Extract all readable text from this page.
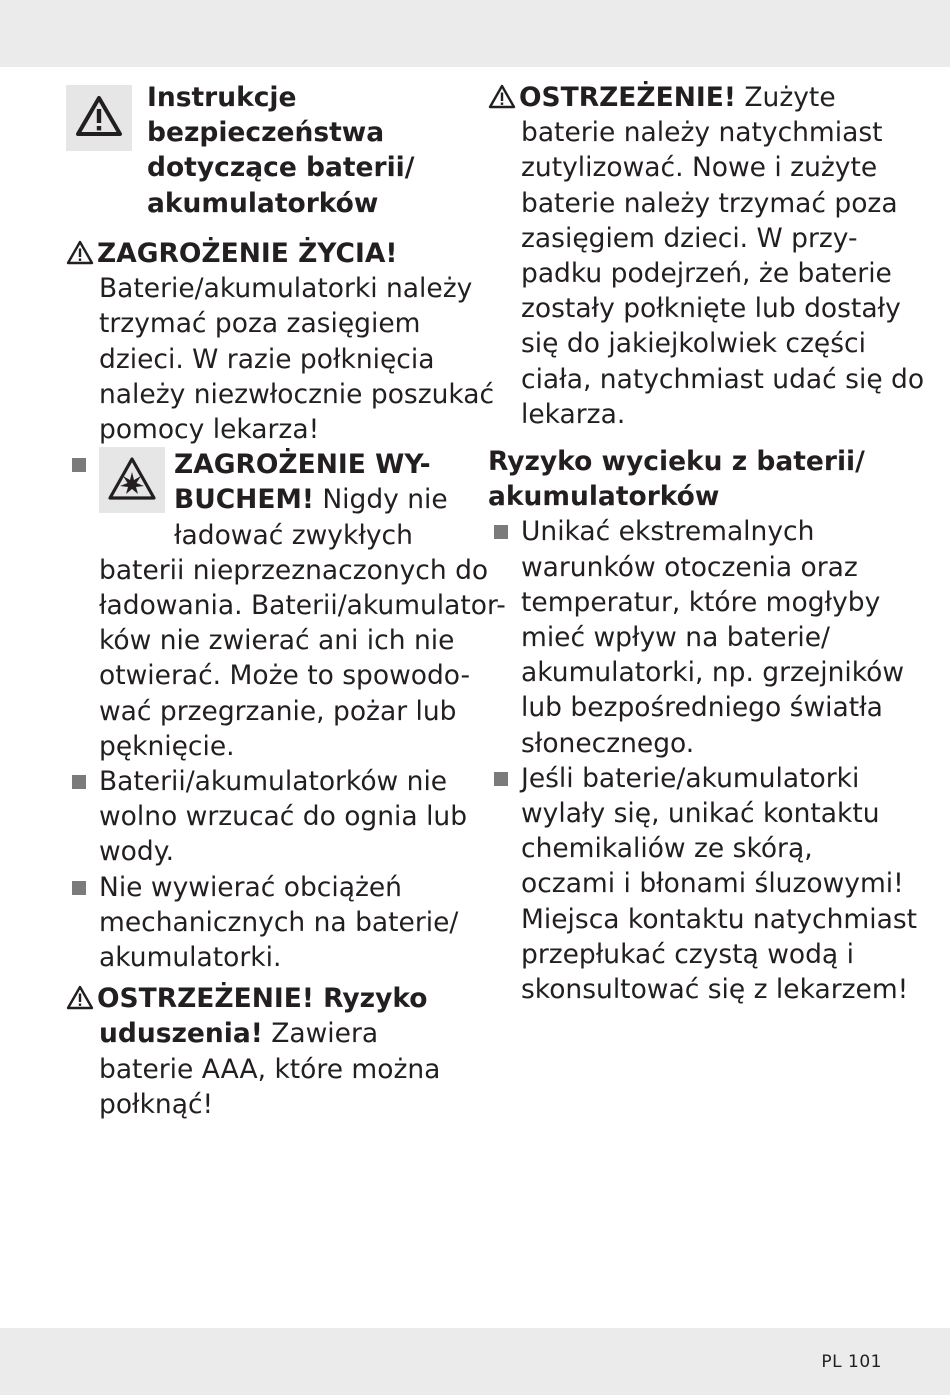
Instrukcje
bezpieczeństwa
dotyczące baterii/
akumulatorków
ZAGROŻENIE ŻYCIA!
Baterie/akumulatorki należy
trzymać poza zasięgiem
dzieci. W razie połknięcia
należy niezwłocznie poszukać
pomocy lekarza!
ZAGROŻENIE WY-
BUCHEM! Nigdy nie
ładować zwykłych
baterii nieprzeznaczonych do
ładowania. Baterii/akumulator-
ków nie zwierać ani ich nie
otwierać. Może to spowodo-
wać przegrzanie, pożar lub
pęknięcie.
Baterii/akumulatorków nie
wolno wrzucać do ognia lub
wody.
Nie wywierać obciążeń
mechanicznych na baterie/
akumulatorki.
OSTRZEŻENIE! Ryzyko
uduszenia! Zawiera
baterie AAA, które można
połknąć!
OSTRZEŻENIE! Zużyte
baterie należy natychmiast
zutylizować. Nowe i zużyte
baterie należy trzymać poza
zasięgiem dzieci. W przy-
padku podejrzeń, że baterie
zostały połknięte lub dostały
się do jakiejkolwiek części
ciała, natychmiast udać się do
lekarza.
Ryzyko wycieku z baterii/
akumulatorków
Unikać ekstremalnych
warunków otoczenia oraz
temperatur, które mogłyby
mieć wpływ na baterie/
akumulatorki, np. grzejników
lub bezpośredniego światła
słonecznego.
Jeśli baterie/akumulatorki
wylały się, unikać kontaktu
chemikaliów ze skórą,
oczami i błonami śluzowymi!
Miejsca kontaktu natychmiast
przepłukać czystą wodą i
skonsultować się z lekarzem!
PL 101
